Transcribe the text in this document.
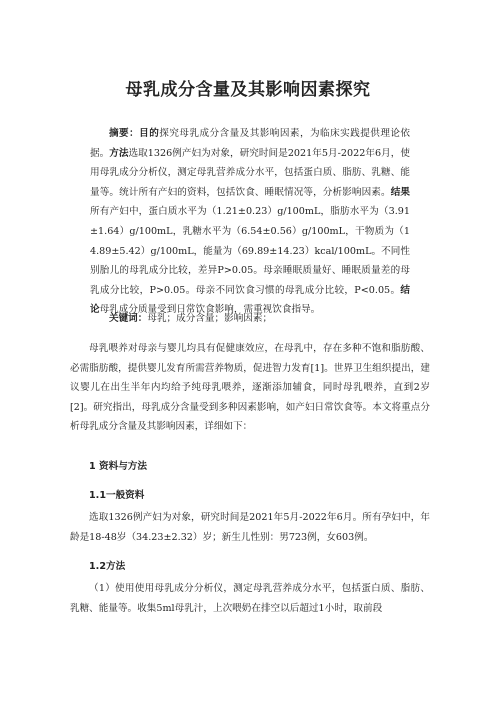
母乳成分含量及其影响因素探究
摘要：目的探究母乳成分含量及其影响因素，为临床实践提供理论依据。方法选取1326例产妇为对象，研究时间是2021年5月-2022年6月，使用母乳成分分析仪，测定母乳营养成分水平，包括蛋白质、脂肪、乳糖、能量等。统计所有产妇的资料，包括饮食、睡眠情况等，分析影响因素。结果所有产妇中，蛋白质水平为（1.21±0.23）g/100mL，脂肪水平为（3.91±1.64）g/100mL，乳糖水平为（6.54±0.56）g/100mL，干物质为（14.89±5.42）g/100mL，能量为（69.89±14.23）kcal/100mL。不同性别胎儿的母乳成分比较，差异P>0.05。母亲睡眠质量好、睡眠质量差的母乳成分比较，P>0.05。母亲不同饮食习惯的母乳成分比较，P<0.05。结论母乳成分质量受到日常饮食影响，需重视饮食指导。
关键词：母乳；成分含量；影响因素；
母乳喂养对母亲与婴儿均具有促健康效应，在母乳中，存在多种不饱和脂肪酸、必需脂肪酸，提供婴儿发育所需营养物质，促进智力发育[1]。世界卫生组织提出，建议婴儿在出生半年内均给予纯母乳喂养，逐渐添加辅食，同时母乳喂养，直到2岁[2]。研究指出，母乳成分含量受到多种因素影响，如产妇日常饮食等。本文将重点分析母乳成分含量及其影响因素，详细如下：
1 资料与方法
1.1一般资料
选取1326例产妇为对象，研究时间是2021年5月-2022年6月。所有孕妇中，年龄是18-48岁（34.23±2.32）岁；新生儿性别：男723例，女603例。
1.2方法
（1）使用使用母乳成分分析仪，测定母乳营养成分水平，包括蛋白质、脂肪、乳糖、能量等。收集5ml母乳汁，上次喂奶在排空以后超过1小时，取前段
